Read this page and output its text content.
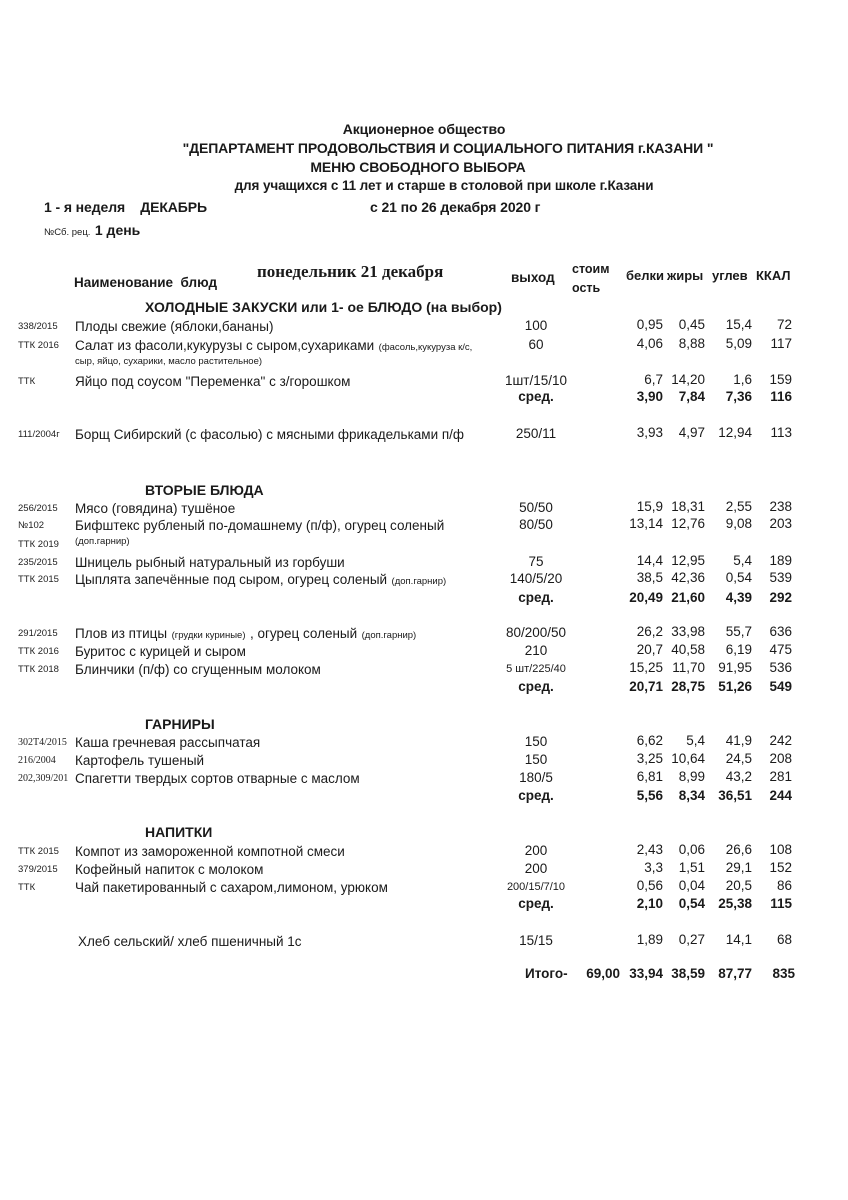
Акционерное общество
"ДЕПАРТАМЕНТ ПРОДОВОЛЬСТВИЯ И СОЦИАЛЬНОГО ПИТАНИЯ г.КАЗАНИ "
МЕНЮ СВОБОДНОГО ВЫБОРА
для учащихся с 11 лет и старше в столовой при школе г.Казани
1 - я неделя    ДЕКАБРЬ	с 21 по 26 декабря 2020 г
№Сб. рец. 1 день
Наименование  блюд
понедельник 21 декабря	выход
стоим
ость
белки жиры углев ККАЛ
ХОЛОДНЫЕ ЗАКУСКИ или 1- ое БЛЮДО (на выбор)
338/2015 Плоды свежие (яблоки,бананы)	100	0,95	0,45	15,4	72
ТТК 2016 Салат из фасоли,кукурузы с сыром,сухариками (фасоль,кукуруза к/с,
сыр, яйцо, сухарики, масло растительное)
60	4,06	8,88	5,09	117
ТТК	Яйцо под соусом "Переменка" с з/горошком	1шт/15/10	6,7 14,20	1,6	159
сред.	3,90	7,84	7,36	116
111/2004г Борщ Сибирский (с фасолью) с мясными фрикадельками п/ф	250/11	3,93	4,97 12,94	113
ВТОРЫЕ БЛЮДА
256/2015 Мясо (говядина) тушёное	50/50	15,9 18,31	2,55	238
№102 Бифштекс рубленый по-домашнему (п/ф), огурец соленый
(доп.гарнир)
ТТК 2019
80/50	13,14 12,76	9,08	203
235/2015 Шницель рыбный натуральный из горбуши	75	14,4 12,95	5,4	189
ТТК 2015 Цыплята запечённые под сыром, огурец соленый (доп.гарнир)	140/5/20	38,5 42,36	0,54	539
сред.	20,49 21,60	4,39	292
291/2015 Плов из птицы (грудки куриные) , огурец соленый (доп.гарнир)	80/200/50	26,2 33,98	55,7	636
ТТК 2016 Буритос с курицей и сыром	210	20,7 40,58	6,19	475
ТТК 2018 Блинчики (п/ф) со сгущенным молоком	5 шт/225/40	15,25 11,70 91,95	536
сред.	20,71 28,75 51,26	549
ГАРНИРЫ
302Т4/2015 Каша гречневая рассыпчатая	150	6,62	5,4	41,9	242
216/2004 Картофель тушеный	150	3,25 10,64	24,5	208
202,309/201 Спагетти твердых сортов отварные с маслом	180/5	6,81	8,99	43,2	281
сред.	5,56	8,34 36,51	244
НАПИТКИ
ТТК 2015 Компот из замороженной компотной смеси	200	2,43	0,06	26,6	108
379/2015 Кофейный напиток с молоком	200	3,3	1,51	29,1	152
ТТК	Чай пакетированный с сахаром,лимоном, урюком	200/15/7/10	0,56	0,04	20,5	86
сред.	2,10	0,54 25,38	115
Хлеб сельский/ хлеб пшеничный 1с	15/15	1,89	0,27	14,1	68
Итого-	69,00 33,94 38,59 87,77	835
